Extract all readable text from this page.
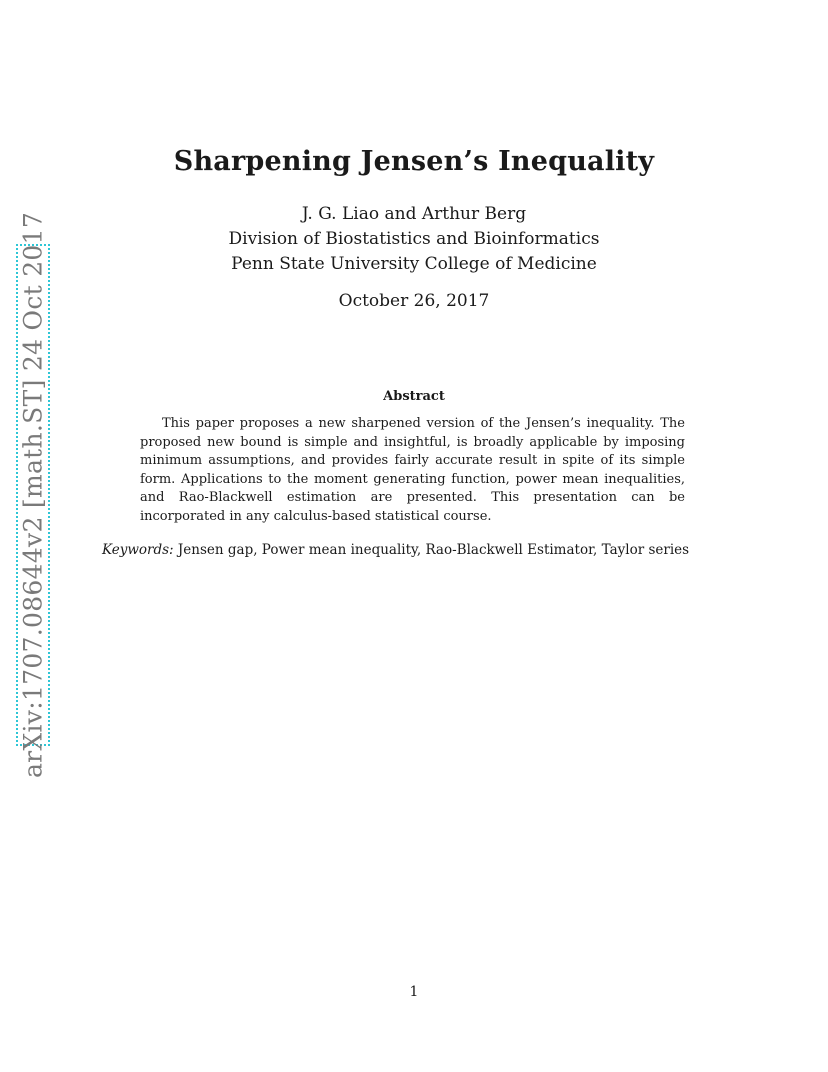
arXiv:1707.08644v2 [math.ST] 24 Oct 2017
Sharpening Jensen’s Inequality
J. G. Liao and Arthur Berg
Division of Biostatistics and Bioinformatics
Penn State University College of Medicine
October 26, 2017
Abstract
This paper proposes a new sharpened version of the Jensen’s inequality. The proposed new bound is simple and insightful, is broadly applicable by imposing minimum assumptions, and provides fairly accurate result in spite of its simple form. Applications to the moment generating function, power mean inequalities, and Rao-Blackwell estimation are presented. This presentation can be incorporated in any calculus-based statistical course.
Keywords: Jensen gap, Power mean inequality, Rao-Blackwell Estimator, Taylor series
1
